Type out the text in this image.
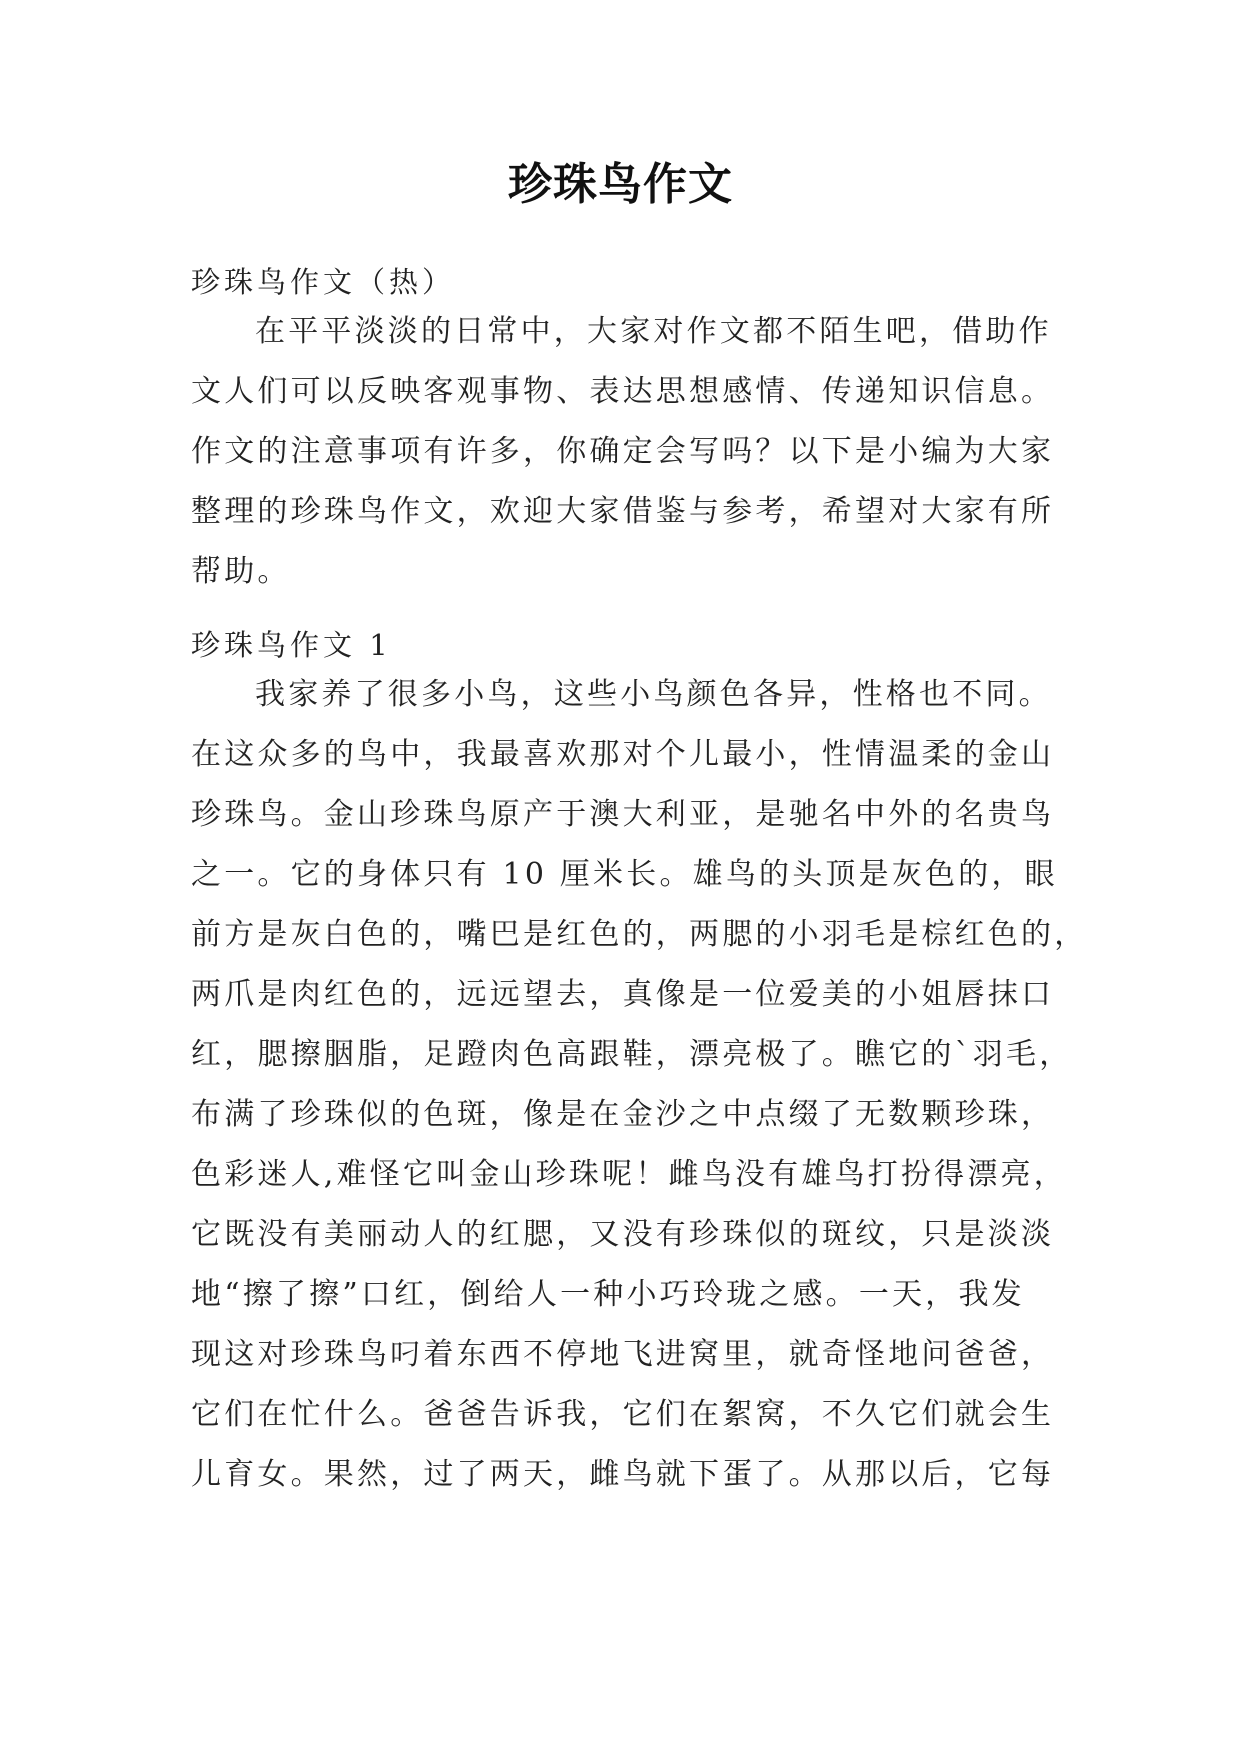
珍珠鸟作文
珍珠鸟作文（热）
在平平淡淡的日常中，大家对作文都不陌生吧，借助作
文人们可以反映客观事物、表达思想感情、传递知识信息。
作文的注意事项有许多，你确定会写吗？以下是小编为大家
整理的珍珠鸟作文，欢迎大家借鉴与参考，希望对大家有所
帮助。
珍珠鸟作文 1
我家养了很多小鸟，这些小鸟颜色各异，性格也不同。
在这众多的鸟中，我最喜欢那对个儿最小，性情温柔的金山
珍珠鸟。金山珍珠鸟原产于澳大利亚，是驰名中外的名贵鸟
之一。它的身体只有 10 厘米长。雄鸟的头顶是灰色的，眼
前方是灰白色的，嘴巴是红色的，两腮的小羽毛是棕红色的，
两爪是肉红色的，远远望去，真像是一位爱美的小姐唇抹口
红，腮擦胭脂，足蹬肉色高跟鞋，漂亮极了。瞧它的`羽毛，
布满了珍珠似的色斑，像是在金沙之中点缀了无数颗珍珠，
色彩迷人,难怪它叫金山珍珠呢！雌鸟没有雄鸟打扮得漂亮，
它既没有美丽动人的红腮，又没有珍珠似的斑纹，只是淡淡
地“擦了擦”口红，倒给人一种小巧玲珑之感。一天，我发
现这对珍珠鸟叼着东西不停地飞进窝里，就奇怪地问爸爸，
它们在忙什么。爸爸告诉我，它们在絮窝，不久它们就会生
儿育女。果然，过了两天，雌鸟就下蛋了。从那以后，它每
